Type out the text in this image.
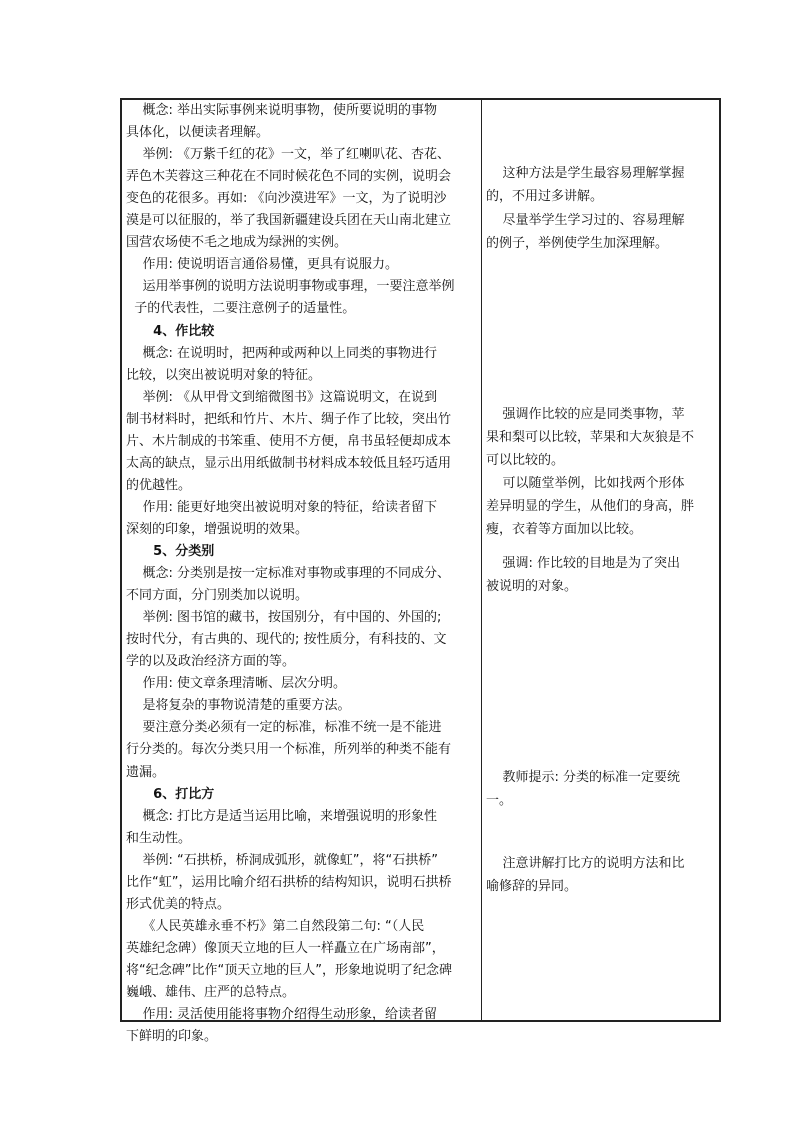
概念: 举出实际事例来说明事物，使所要说明的事物
具体化，以便读者理解。
举例: 《万紫千红的花》一文，举了红喇叭花、杏花、
弄色木芙蓉这三种花在不同时候花色不同的实例，说明会
变色的花很多。再如: 《向沙漠进军》一文，为了说明沙
漠是可以征服的，举了我国新疆建设兵团在天山南北建立
国营农场使不毛之地成为绿洲的实例。
作用: 使说明语言通俗易懂，更具有说服力。
运用举事例的说明方法说明事物或事理，一要注意举例
子的代表性，二要注意例子的适量性。
4、作比较
概念: 在说明时，把两种或两种以上同类的事物进行
比较，以突出被说明对象的特征。
举例: 《从甲骨文到缩微图书》这篇说明文，在说到
制书材料时，把纸和竹片、木片、绸子作了比较，突出竹
片、木片制成的书笨重、使用不方便，帛书虽轻便却成本
太高的缺点，显示出用纸做制书材料成本较低且轻巧适用
的优越性。
作用: 能更好地突出被说明对象的特征，给读者留下
深刻的印象，增强说明的效果。
5、分类别
概念: 分类别是按一定标准对事物或事理的不同成分、
不同方面，分门别类加以说明。
举例: 图书馆的藏书，按国别分，有中国的、外国的;
按时代分，有古典的、现代的; 按性质分，有科技的、文
学的以及政治经济方面的等。
作用: 使文章条理清晰、层次分明。
是将复杂的事物说清楚的重要方法。
要注意分类必须有一定的标准，标准不统一是不能进
行分类的。每次分类只用一个标准，所列举的种类不能有
遗漏。
6、打比方
概念: 打比方是适当运用比喻，来增强说明的形象性
和生动性。
举例: “石拱桥，桥洞成弧形，就像虹”，将“石拱桥”
比作“虹”，运用比喻介绍石拱桥的结构知识，说明石拱桥
形式优美的特点。
《人民英雄永垂不朽》第二自然段第二句: “（人民
英雄纪念碑）像顶天立地的巨人一样矗立在广场南部”，
将“纪念碑”比作“顶天立地的巨人”，形象地说明了纪念碑
巍峨、雄伟、庄严的总特点。
作用: 灵活使用能将事物介绍得生动形象，给读者留
下鲜明的印象。
这种方法是学生最容易理解掌握
的，不用过多讲解。
尽量举学生学习过的、容易理解
的例子，举例使学生加深理解。
强调作比较的应是同类事物，苹
果和梨可以比较，苹果和大灰狼是不
可以比较的。
可以随堂举例，比如找两个形体
差异明显的学生，从他们的身高，胖
瘦，衣着等方面加以比较。
强调: 作比较的目地是为了突出
被说明的对象。
教师提示: 分类的标准一定要统
一。
注意讲解打比方的说明方法和比
喻修辞的异同。
